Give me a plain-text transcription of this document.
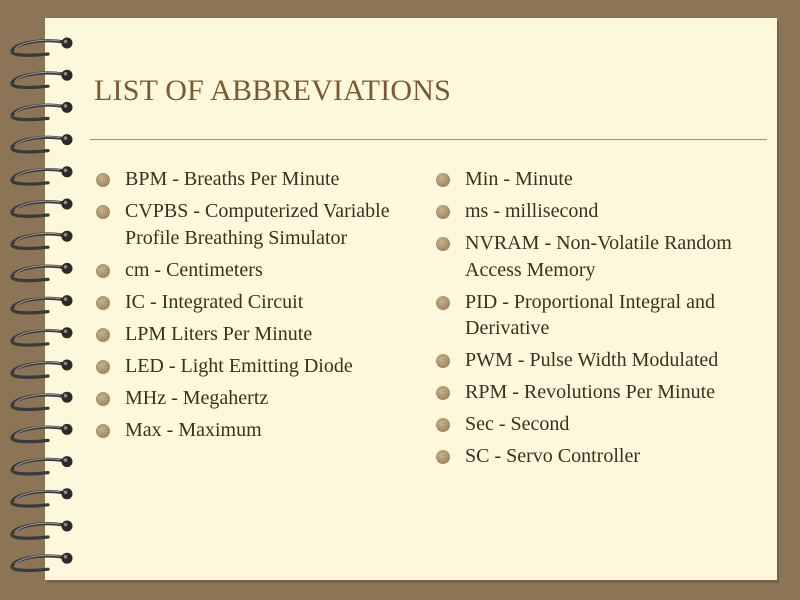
LIST OF ABBREVIATIONS
BPM - Breaths Per Minute
CVPBS - Computerized Variable Profile Breathing Simulator
cm - Centimeters
IC - Integrated Circuit
LPM Liters Per Minute
LED - Light Emitting Diode
MHz - Megahertz
Max - Maximum
Min - Minute
ms - millisecond
NVRAM - Non-Volatile Random Access Memory
PID - Proportional Integral and Derivative
PWM - Pulse Width Modulated
RPM - Revolutions Per Minute
Sec - Second
SC - Servo Controller
